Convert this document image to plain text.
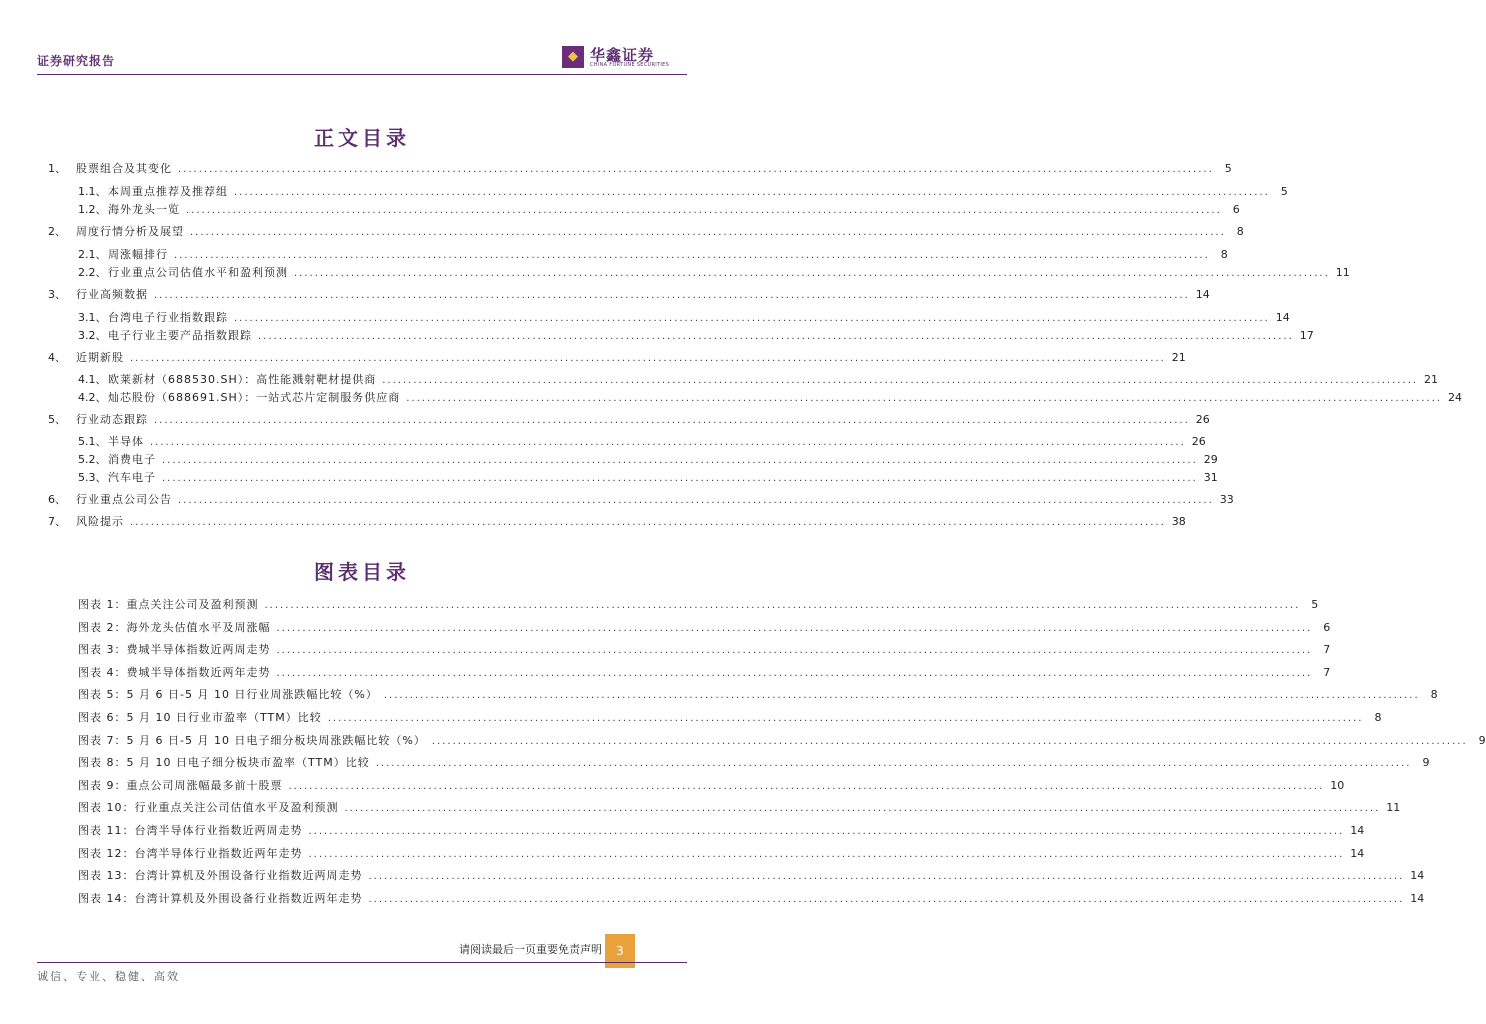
证券研究报告	◆ 华鑫证券
CHINA FORTUNE SECURITIES
正文目录
1、 股票组合及其变化 ........................................................................................................................................................................................................	5
1.1、 本周重点推荐及推荐组 ........................................................................................................................................................................................................	5
1.2、 海外龙头一览 ........................................................................................................................................................................................................	6
2、 周度行情分析及展望 ........................................................................................................................................................................................................	8
2.1、 周涨幅排行 ........................................................................................................................................................................................................	8
2.2、 行业重点公司估值水平和盈利预测 ........................................................................................................................................................................................................ 11
3、 行业高频数据 ........................................................................................................................................................................................................ 14
3.1、 台湾电子行业指数跟踪 ........................................................................................................................................................................................................ 14
3.2、 电子行业主要产品指数跟踪 ........................................................................................................................................................................................................ 17
4、 近期新股 ........................................................................................................................................................................................................ 21
4.1、 欧莱新材（688530.SH）：高性能溅射靶材提供商 ........................................................................................................................................................................................................ 21
4.2、 灿芯股份（688691.SH）：一站式芯片定制服务供应商 ........................................................................................................................................................................................................ 24
5、 行业动态跟踪 ........................................................................................................................................................................................................ 26
5.1、 半导体 ........................................................................................................................................................................................................ 26
5.2、 消费电子 ........................................................................................................................................................................................................ 29
5.3、 汽车电子 ........................................................................................................................................................................................................ 31
6、 行业重点公司公告 ........................................................................................................................................................................................................ 33
7、 风险提示 ........................................................................................................................................................................................................ 38
图表目录
图表 1：重点关注公司及盈利预测 ........................................................................................................................................................................................................	5
图表 2：海外龙头估值水平及周涨幅 ........................................................................................................................................................................................................	6
图表 3：费城半导体指数近两周走势 ........................................................................................................................................................................................................	7
图表 4：费城半导体指数近两年走势 ........................................................................................................................................................................................................	7
图表 5：5 月 6 日-5 月 10 日行业周涨跌幅比较（%） ........................................................................................................................................................................................................	8
图表 6：5 月 10 日行业市盈率（TTM）比较 ........................................................................................................................................................................................................	8
图表 7：5 月 6 日-5 月 10 日电子细分板块周涨跌幅比较（%） ........................................................................................................................................................................................................	9
图表 8：5 月 10 日电子细分板块市盈率（TTM）比较 ........................................................................................................................................................................................................	9
图表 9：重点公司周涨幅最多前十股票 ........................................................................................................................................................................................................ 10
图表 10：行业重点关注公司估值水平及盈利预测 ........................................................................................................................................................................................................ 11
图表 11：台湾半导体行业指数近两周走势 ........................................................................................................................................................................................................ 14
图表 12：台湾半导体行业指数近两年走势 ........................................................................................................................................................................................................ 14
图表 13：台湾计算机及外围设备行业指数近两周走势 ........................................................................................................................................................................................................ 14
图表 14：台湾计算机及外围设备行业指数近两年走势 ........................................................................................................................................................................................................ 14
请阅读最后一页重要免责声明	3
诚信、专业、稳健、高效
